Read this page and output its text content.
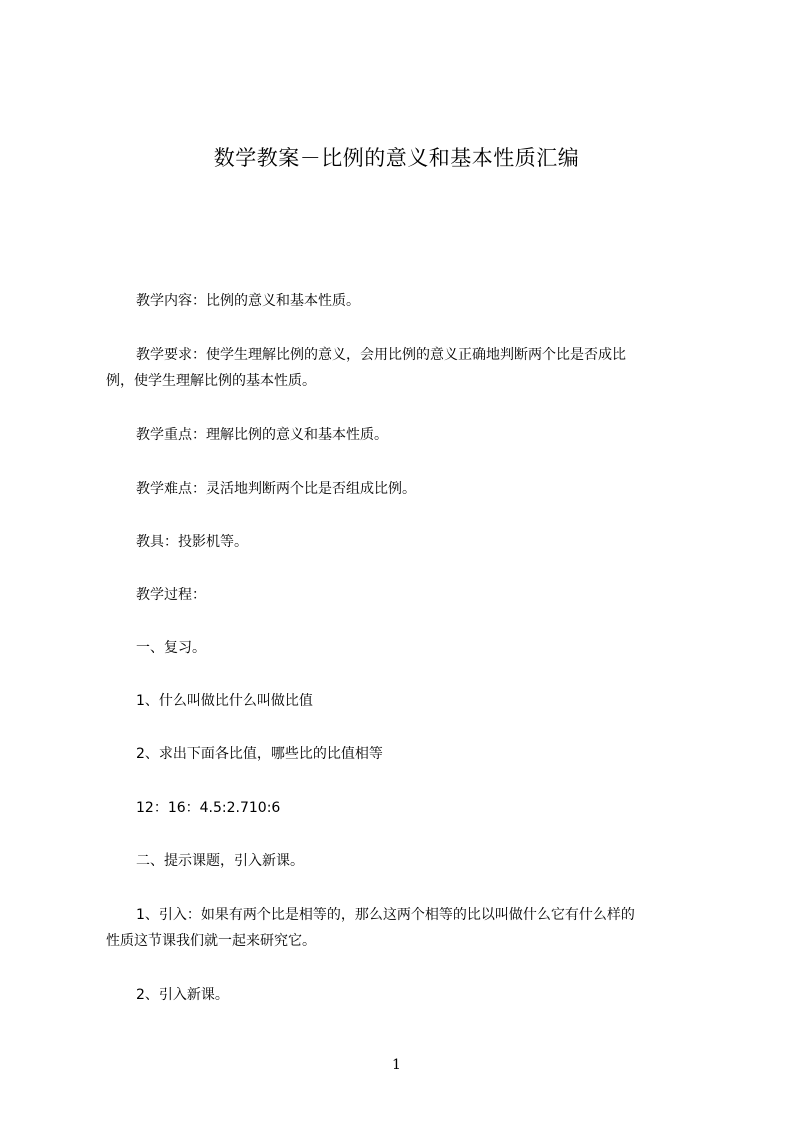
数学教案－比例的意义和基本性质汇编
教学内容：比例的意义和基本性质。
教学要求：使学生理解比例的意义，会用比例的意义正确地判断两个比是否成比
例，使学生理解比例的基本性质。
教学重点：理解比例的意义和基本性质。
教学难点：灵活地判断两个比是否组成比例。
教具：投影机等。
教学过程：
一、复习。
1、什么叫做比什么叫做比值
2、求出下面各比值，哪些比的比值相等
12：16：4.5:2.710:6
二、提示课题，引入新课。
1、引入：如果有两个比是相等的，那么这两个相等的比以叫做什么它有什么样的
性质这节课我们就一起来研究它。
2、引入新课。
1
